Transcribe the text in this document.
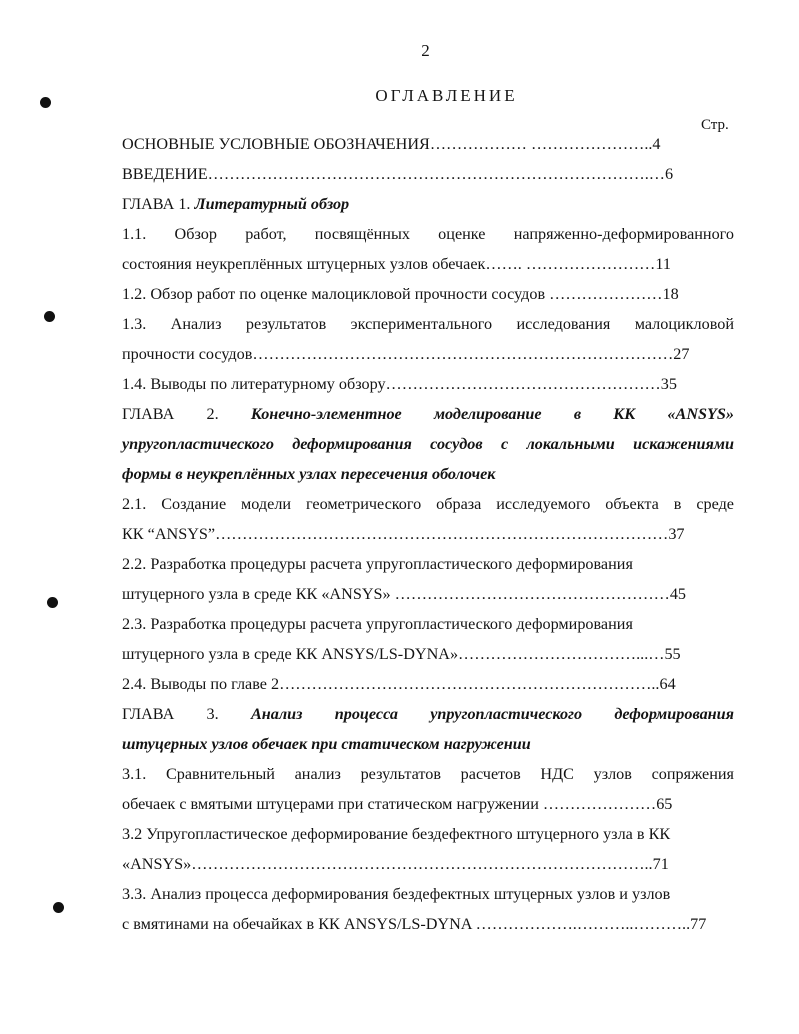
2
ОГЛАВЛЕНИЕ
Стр.
ОСНОВНЫЕ УСЛОВНЫЕ ОБОЗНАЧЕНИЯ……………… …………………..4
ВВЕДЕНИЕ……………………………………………………………………….…6
ГЛАВА 1. Литературный обзор
1.1. Обзор работ, посвящённых оценке напряженно-деформированного
состояния неукреплённых штуцерных узлов обечаек……. ……………………11
1.2. Обзор работ по оценке малоцикловой прочности сосудов …………………18
1.3. Анализ результатов экспериментального исследования малоцикловой
прочности сосудов……………………………………………………………………27
1.4. Выводы по литературному обзору……………………………………………35
ГЛАВА 2. Конечно-элементное моделирование в КК «ANSYS»
упругопластического деформирования сосудов с локальными искажениями
формы в неукреплённых узлах пересечения оболочек
2.1. Создание модели геометрического образа исследуемого объекта в среде
КК “ANSYS”…………………………………………………………………………37
2.2. Разработка процедуры расчета упругопластического деформирования
штуцерного узла в среде КК «ANSYS» ……………………………………………45
2.3. Разработка процедуры расчета упругопластического деформирования
штуцерного узла в среде КК ANSYS/LS-DYNA»……………………………...…55
2.4. Выводы по главе 2……………………………………………………………..64
ГЛАВА 3. Анализ процесса упругопластического деформирования
штуцерных узлов обечаек при статическом нагружении
3.1. Сравнительный анализ результатов расчетов НДС узлов сопряжения
обечаек с вмятыми штуцерами при статическом нагружении …………………65
3.2 Упругопластическое деформирование бездефектного штуцерного узла в КК
«ANSYS»…………………………………………………………………………..71
3.3. Анализ процесса деформирования бездефектных штуцерных узлов и узлов
с вмятинами на обечайках в КК ANSYS/LS-DYNA ……………….………..………..77
